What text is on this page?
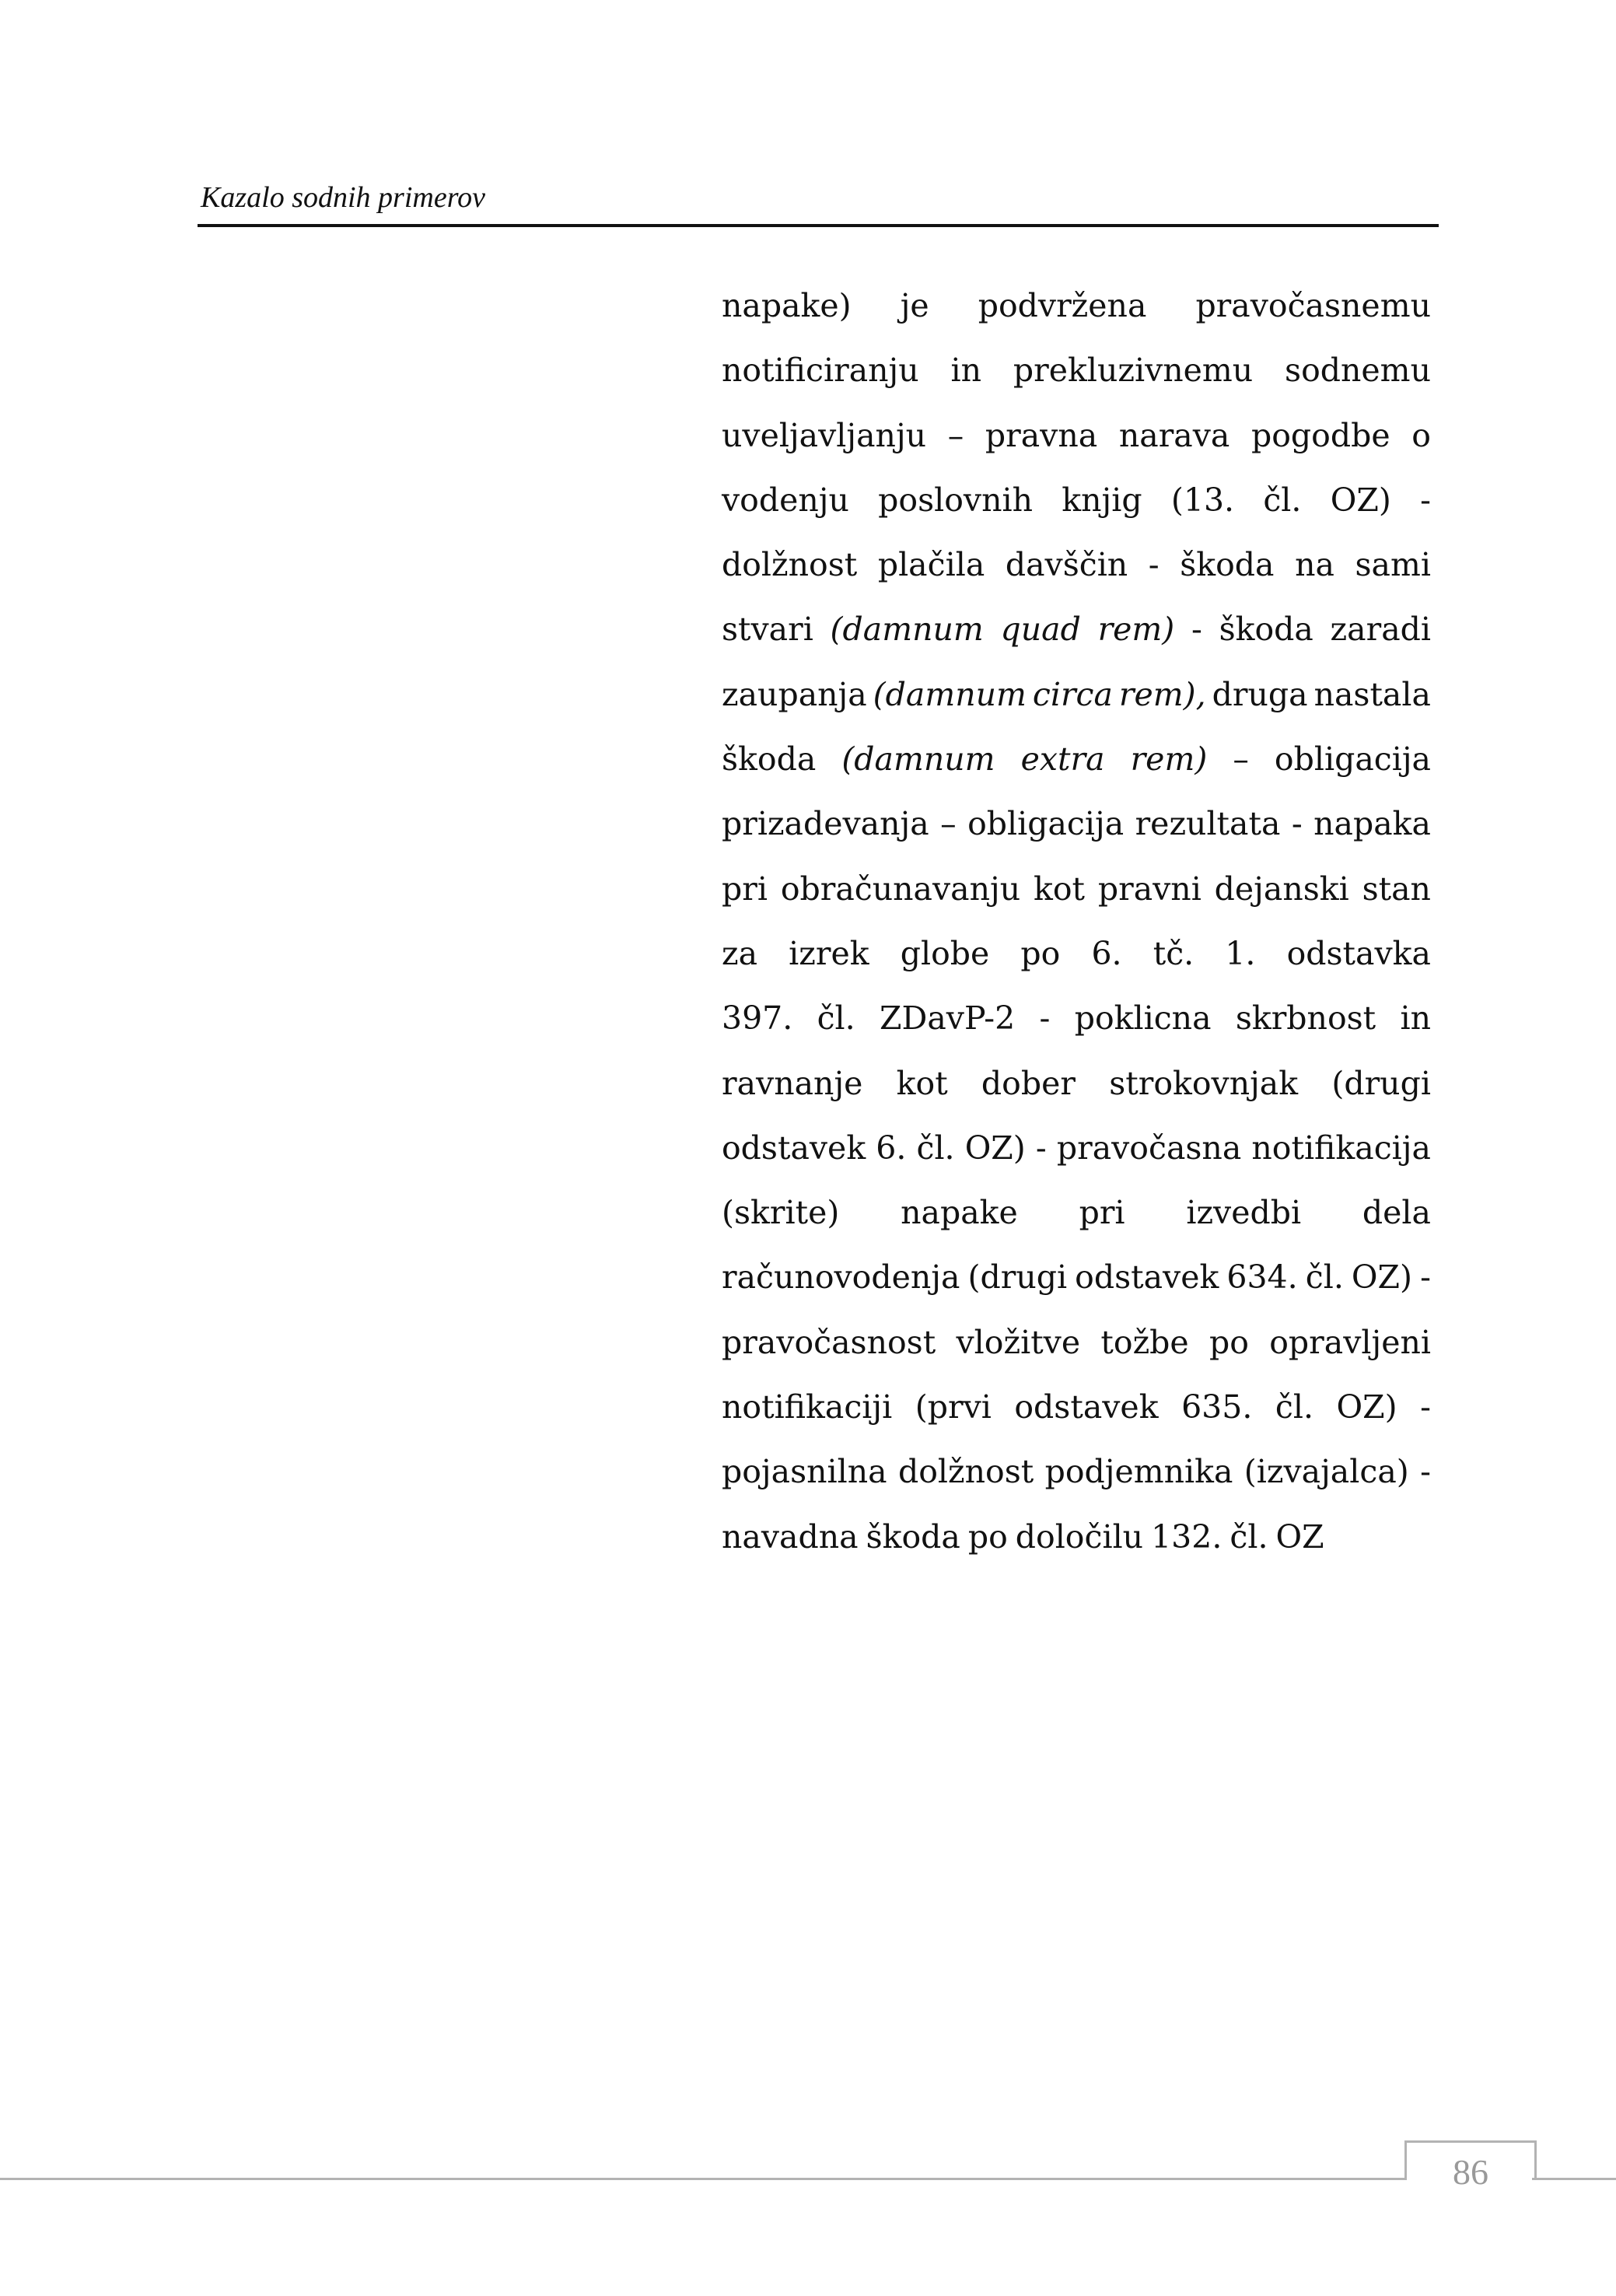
Kazalo sodnih primerov
napake) je podvržena pravočasnemu
notificiranju in prekluzivnemu sodnemu
uveljavljanju – pravna narava pogodbe o
vodenju poslovnih knjig (13. čl. OZ) -
dolžnost plačila davščin - škoda na sami
stvari (damnum quad rem) - škoda zaradi
zaupanja (damnum circa rem), druga nastala
škoda (damnum extra rem) – obligacija
prizadevanja – obligacija rezultata - napaka
pri obračunavanju kot pravni dejanski stan
za izrek globe po 6. tč. 1. odstavka
397. čl. ZDavP-2 - poklicna skrbnost in
ravnanje kot dober strokovnjak (drugi
odstavek 6. čl. OZ) - pravočasna notifikacija
(skrite) napake pri izvedbi dela
računovodenja (drugi odstavek 634. čl. OZ) -
pravočasnost vložitve tožbe po opravljeni
notifikaciji (prvi odstavek 635. čl. OZ) -
pojasnilna dolžnost podjemnika (izvajalca) -
navadna škoda po določilu 132. čl. OZ
86
